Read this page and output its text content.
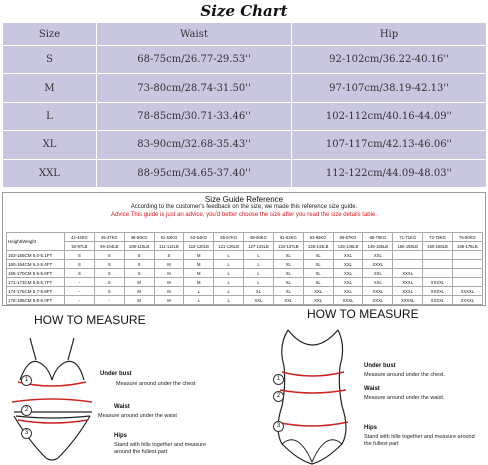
Size Chart
Size	Waist	Hip
S	68-75cm/26.77-29.53''	92-102cm/36.22-40.16''
M	73-80cm/28.74-31.50''	97-107cm/38.19-42.13''
L	78-85cm/30.71-33.46''	102-112cm/40.16-44.09''
XL	83-90cm/32.68-35.43''	107-117cm/42.13-46.06''
XXL	88-95cm/34.65-37.40''	112-122cm/44.09-48.03''
Size Guide Reference
According to the customer's feedback on the size, we made this reference size guide.
Advice:This guide is just an advice, you'd better choose the size after you read the size details table.
Height/Weight	42-44KG	45-47KG	48-50KG	51-52KG	53-54KG	55-57KG	58-60KG	61-62KG	63-65KG	66-67KG	68-70KG	71-71KG	73-75KG	76-80KG
	92-97LB	99-104LB	106-110LB	111-114LB	115-120LB	121-126LB	127-133LB	134-137LB	138-144LB	145-148LB	149-155LB	156-159LB	160-166LB	166-176LB
153-155CM 5.0-5.1FT	S	S	S	S	M	L	L	XL	XL	XXL	XXL			
160-164CM 5.2-5.4FT	S	S	S	M	M	L	L	XL	XL	XXL	XXXL			
165-170CM 5.5-5.6FT	S	S	S	M	M	L	L	XL	XL	XXL	XXL	XXXL		
171-173CM 5.6-5.7FT	-	S	M	M	M	L	L	XL	XL	XXL	XXL	XXXL	XXXXL	
174-175CM 5.7-5.8FT	-	S	M	M	L	L	XL	XL	XXL	XXL	XXXL	XXXL	XXXXL	XXXXL
176-185CM 5.8-6.0FT	-	-	M	M	L	L	XXL	XXL	XXL	XXXL	XXXL	XXXXL	XXXXL	XXXXL
HOW TO MEASURE
1
Under bust
Measure around under the chest
2	Waist
Measure around under the waist
3	Hips
Stand with hills together and measure around the fullest part
HOW TO MEASURE
1
Under bust
Measure around under the chest.
2
Waist
Measure around under the waist.
3	Hips
Stand with hills together and measure around the fullest part
